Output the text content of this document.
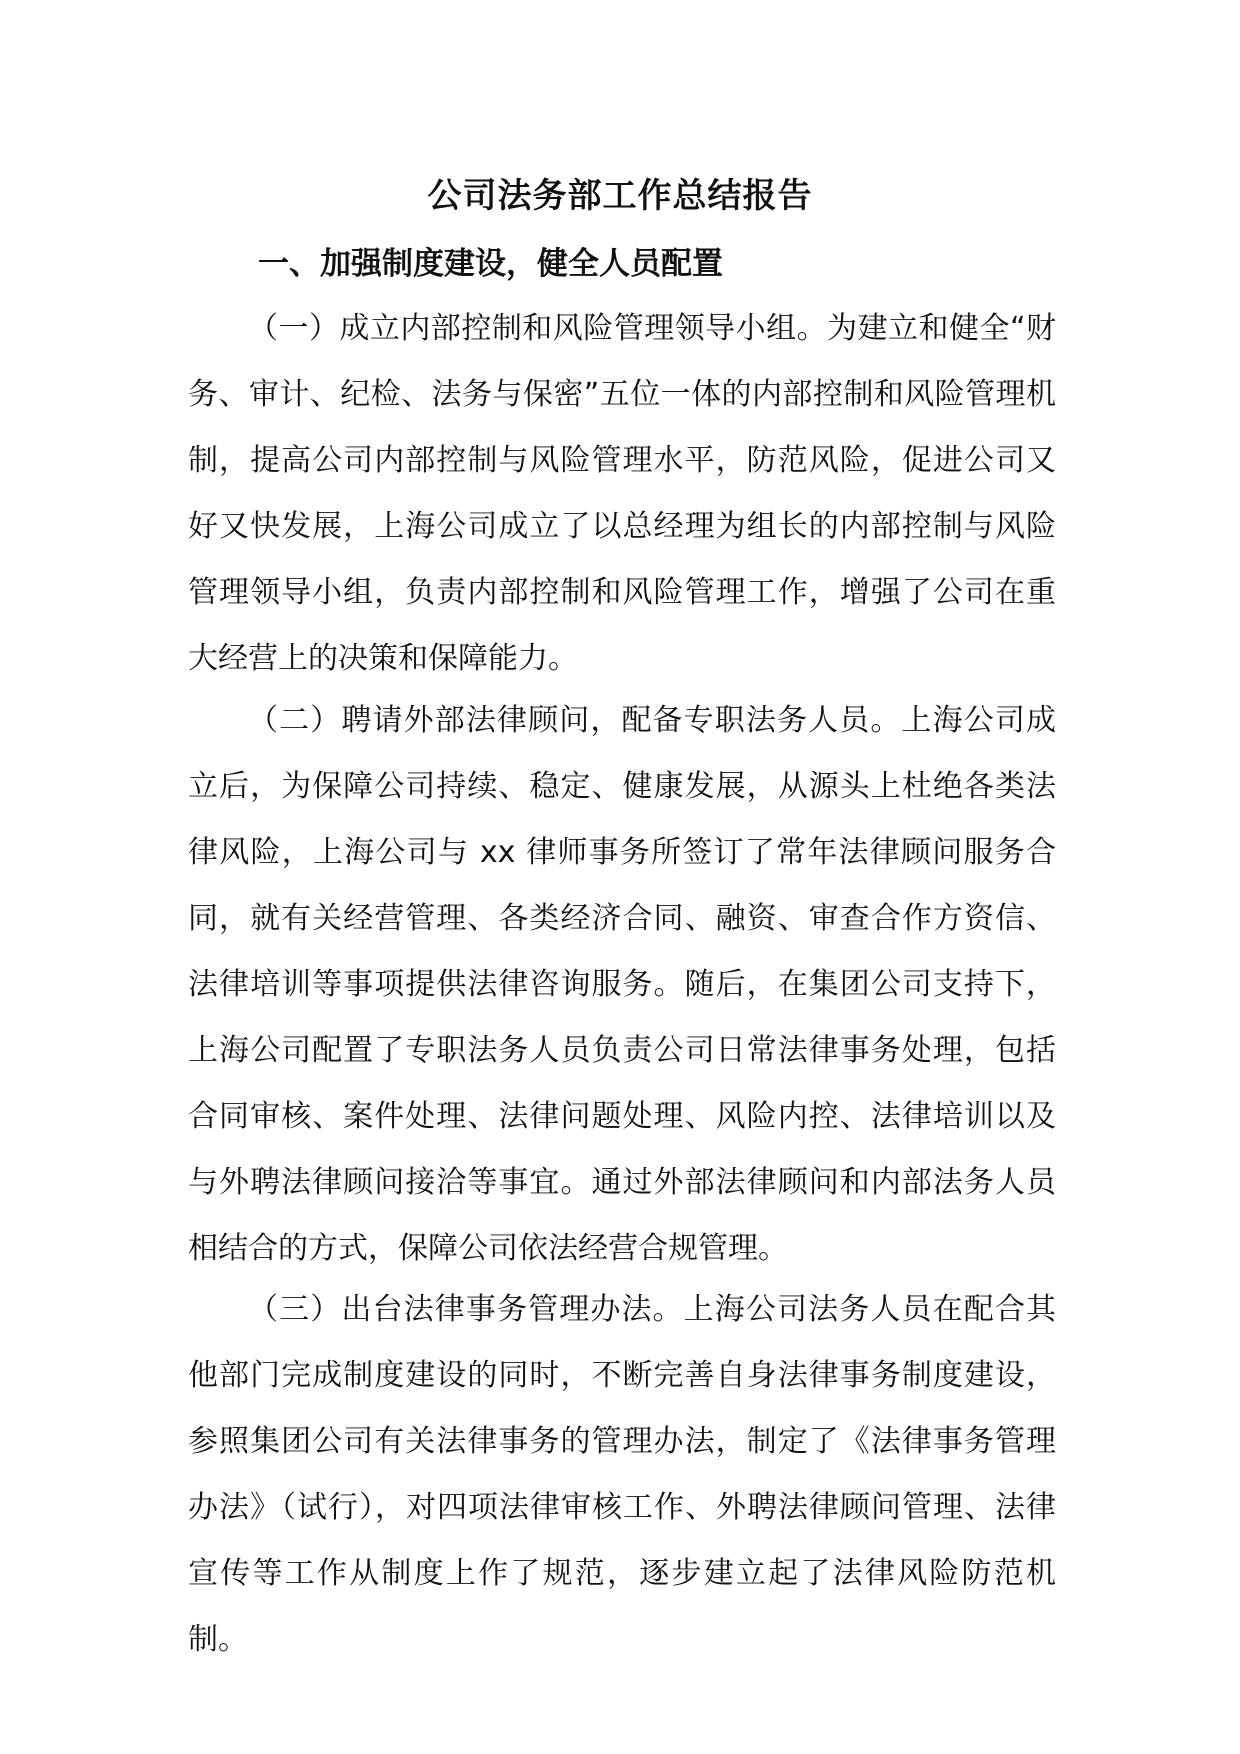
公司法务部工作总结报告
一、加强制度建设，健全人员配置

（一）成立内部控制和风险管理领导小组。为建立和健全“财务、审计、纪检、法务与保密”五位一体的内部控制和风险管理机制，提高公司内部控制与风险管理水平，防范风险，促进公司又好又快发展，上海公司成立了以总经理为组长的内部控制与风险管理领导小组，负责内部控制和风险管理工作，增强了公司在重大经营上的决策和保障能力。

（二）聘请外部法律顾问，配备专职法务人员。上海公司成立后，为保障公司持续、稳定、健康发展，从源头上杜绝各类法律风险，上海公司与 xx 律师事务所签订了常年法律顾问服务合同，就有关经营管理、各类经济合同、融资、审查合作方资信、法律培训等事项提供法律咨询服务。随后，在集团公司支持下，上海公司配置了专职法务人员负责公司日常法律事务处理，包括合同审核、案件处理、法律问题处理、风险内控、法律培训以及与外聘法律顾问接洽等事宜。通过外部法律顾问和内部法务人员相结合的方式，保障公司依法经营合规管理。

（三）出台法律事务管理办法。上海公司法务人员在配合其他部门完成制度建设的同时，不断完善自身法律事务制度建设，参照集团公司有关法律事务的管理办法，制定了《法律事务管理办法》（试行），对四项法律审核工作、外聘法律顾问管理、法律宣传等工作从制度上作了规范，逐步建立起了法律风险防范机制。
